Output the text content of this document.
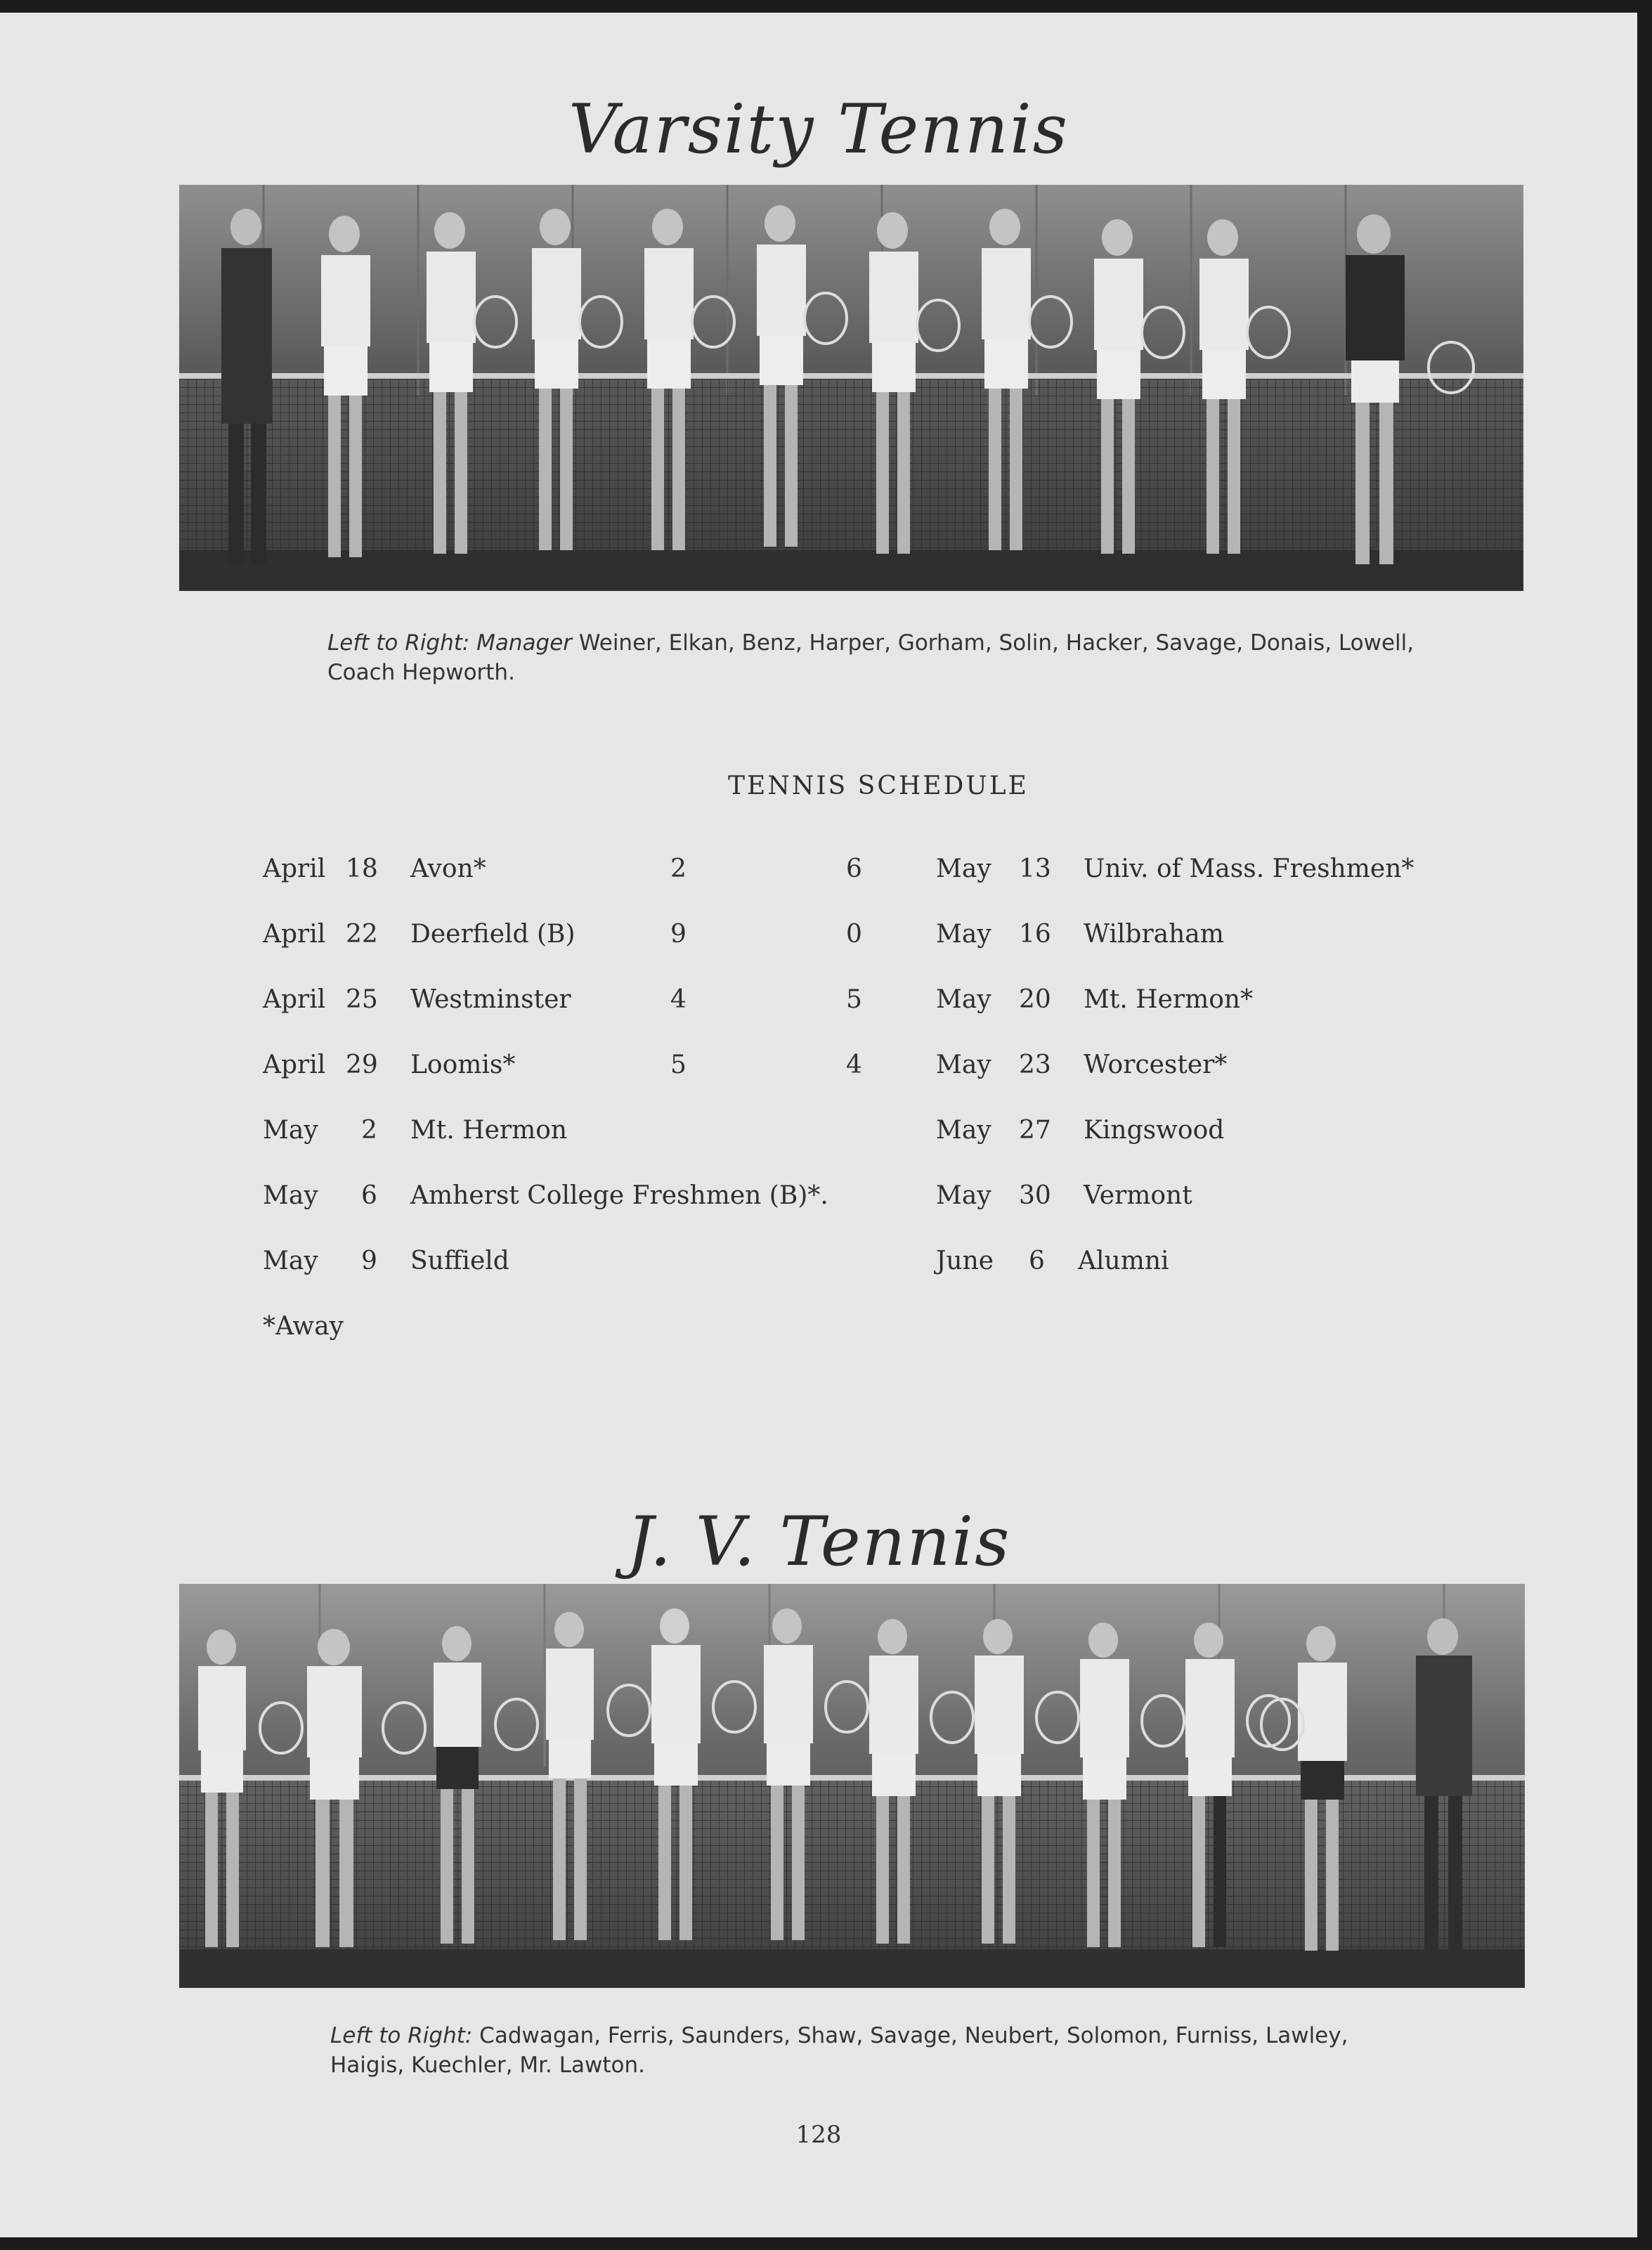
Varsity Tennis
Left to Right: Manager Weiner, Elkan, Benz, Harper, Gorham, Solin, Hacker, Savage, Donais, Lowell, Coach Hepworth.
TENNIS SCHEDULE
April 18 Avon*	2	6
April 22 Deerfield (B)	9	0
April 25 Westminster	4	5
April 29 Loomis*	5	4
May 2 Mt. Hermon
May 6 Amherst College Freshmen (B)*.
May 9 Suffield
May 13 Univ. of Mass. Freshmen*
May 16 Wilbraham
May 20 Mt. Hermon*
May 23 Worcester*
May 27 Kingswood
May 30 Vermont
June 6 Alumni
*Away
J. V. Tennis
Left to Right: Cadwagan, Ferris, Saunders, Shaw, Savage, Neubert, Solomon, Furniss, Lawley, Haigis, Kuechler, Mr. Lawton.
128
